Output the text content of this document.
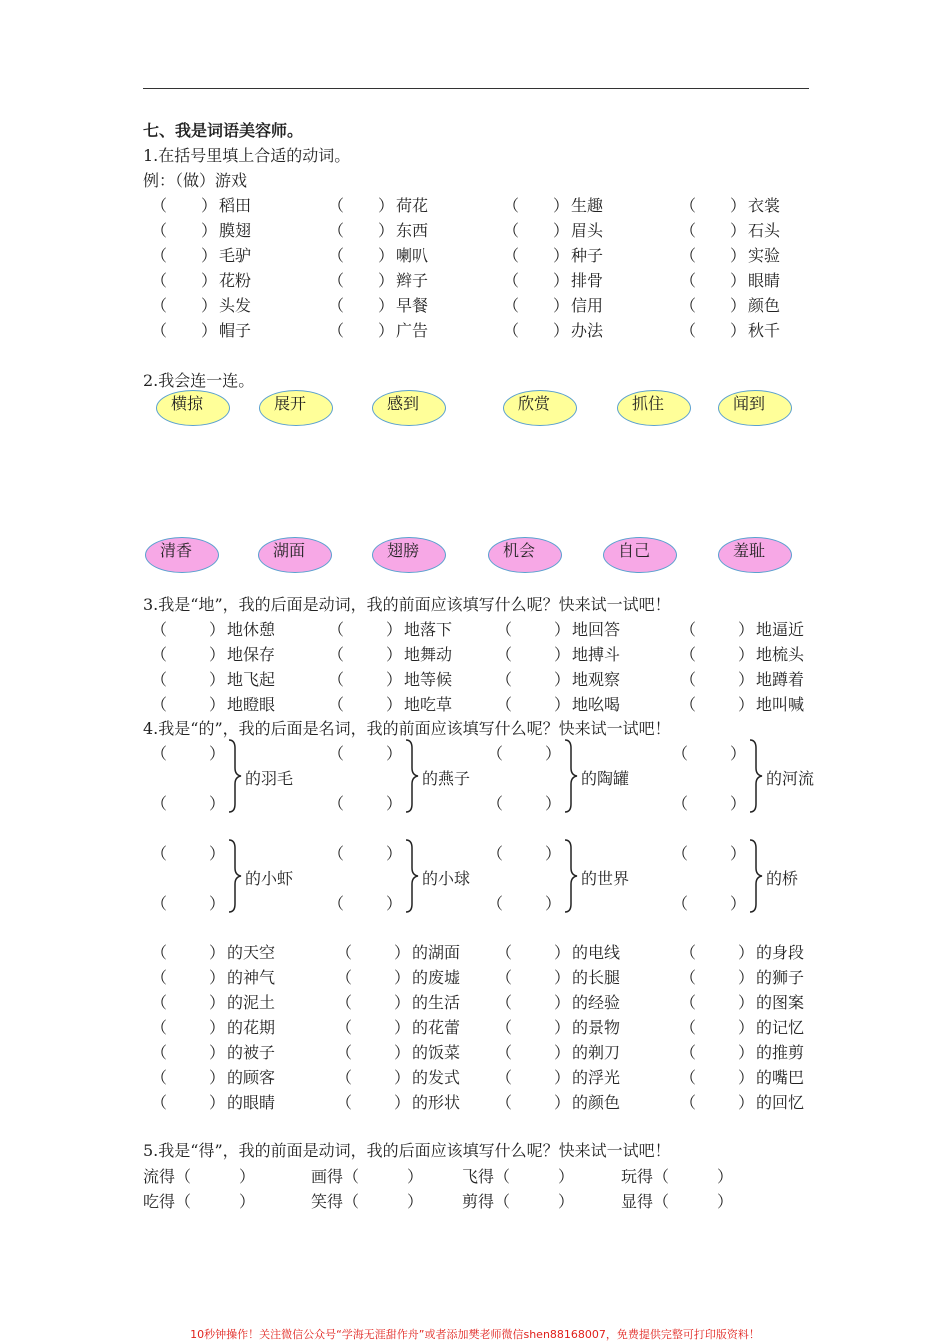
七、我是词语美容师。
1.在括号里填上合适的动词。
例：（做）游戏
（ ） 稻田	（ ） 荷花	（ ） 生趣	（ ） 衣裳
（ ） 膜翅	（ ） 东西	（ ） 眉头	（ ） 石头
（ ） 毛驴	（ ） 喇叭	（ ） 种子	（ ） 实验
（ ） 花粉	（ ） 辫子	（ ） 排骨	（ ） 眼睛
（ ） 头发	（ ） 早餐	（ ） 信用	（ ） 颜色
（ ） 帽子	（ ） 广告	（ ） 办法	（ ） 秋千
2.我会连一连。
横掠	展开	感到	欣赏	抓住	闻到
清香	湖面	翅膀	机会	自己	羞耻
3.我是“地”，我的后面是动词，我的前面应该填写什么呢？快来试一试吧！
（	） 地休憩	（	） 地落下	（	） 地回答	（	） 地逼近
（	） 地保存	（	） 地舞动	（	） 地搏斗	（	） 地梳头
（	） 地飞起	（	） 地等候	（	） 地观察	（	） 地蹲着
（	） 地瞪眼	（	） 地吃草	（	） 地吆喝	（	） 地叫喊
4.我是“的”，我的后面是名词，我的前面应该填写什么呢？快来试一试吧！
（	）
（	）
的羽毛
（	）
（	）
的燕子
（	）
（	）
的陶罐
（	）
（	）
的河流
（	）
（	）
的小虾
（	）
（	）
的小球
（	）
（	）
的世界
（	）
（	）
的桥
（	） 的天空	（	） 的湖面 （	） 的电线	（	） 的身段
（	） 的神气	（	） 的废墟 （	） 的长腿	（	） 的狮子
（	） 的泥土	（	） 的生活 （	） 的经验	（	） 的图案
（	） 的花期	（	） 的花蕾 （	） 的景物	（	） 的记忆
（	） 的被子	（	） 的饭菜 （	） 的剃刀	（	） 的推剪
（	） 的顾客	（	） 的发式 （	） 的浮光	（	） 的嘴巴
（	） 的眼睛	（	） 的形状 （	） 的颜色	（	） 的回忆
5.我是“得”，我的前面是动词，我的后面应该填写什么呢？快来试一试吧！
流得（　　　）	画得（　　　） 飞得（　　　）	玩得（　　　）
吃得（　　　）	笑得（　　　） 剪得（　　　）	显得（　　　）
10秒钟操作！关注微信公众号“学海无涯甜作舟”或者添加樊老师微信shen88168007，免费提供完整可打印版资料！
